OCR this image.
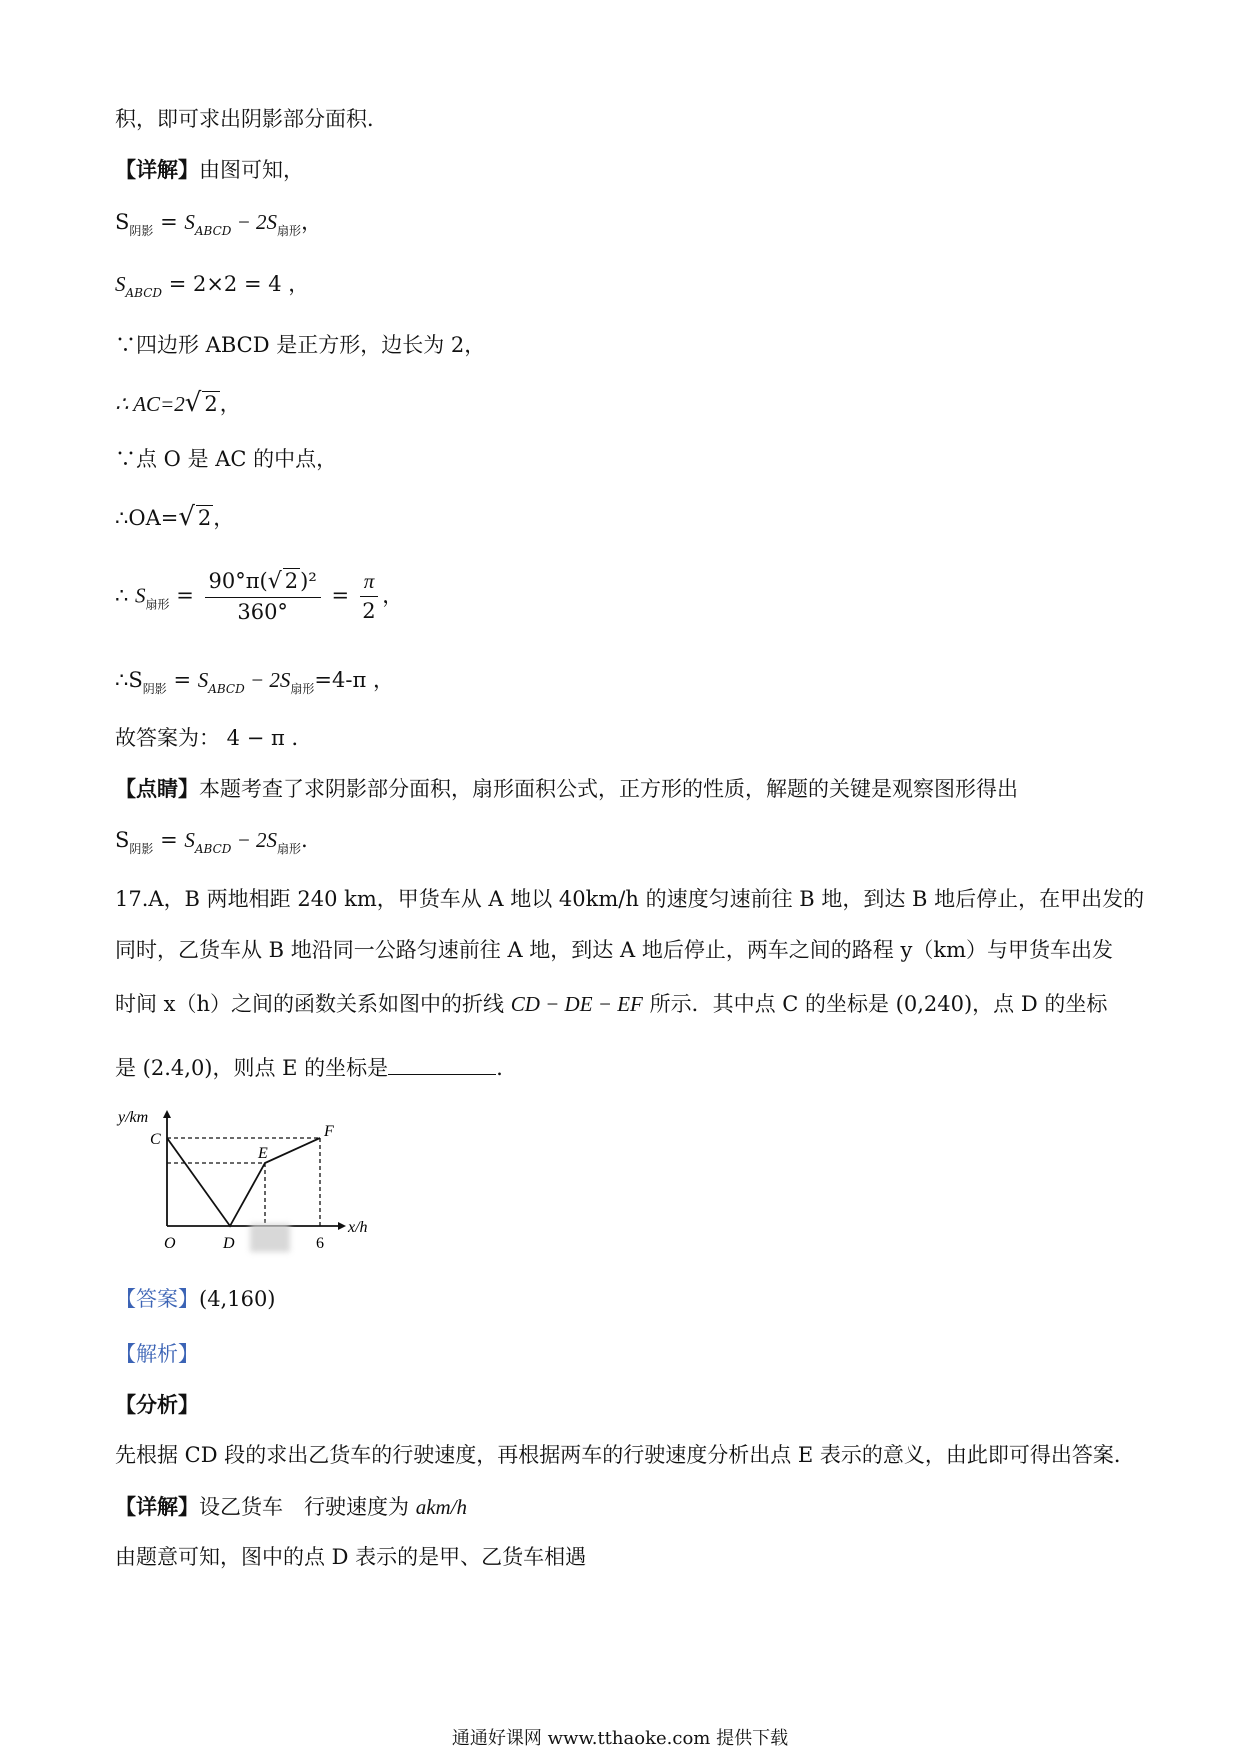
积，即可求出阴影部分面积．
【详解】由图可知，
$S_{阴影} = S_{ABCD} - 2S_{扇形}$，
$S_{ABCD} = 2\times 2 = 4$ ，
∵四边形 ABCD 是正方形，边长为 2，
∴ AC=2√ 2，
∵点 O 是 AC 的中点，
∴OA=√ 2，
∴ $S_{扇形} = \frac{\text{90°π(√ 2)²}}{360^\circ} = \frac{\pi}{2}$ ，
$\therefore S_{阴影} = S_{ABCD} - 2S_{扇形}=4-\pi$ ，
故答案为： 4 − π ．
【点睛】本题考查了求阴影部分面积，扇形面积公式，正方形的性质，解题的关键是观察图形得出
$S_{阴影} = S_{ABCD} - 2S_{扇形}$．
17.A，B 两地相距 240 km，甲货车从 A 地以 40km/h 的速度匀速前往 B 地，到达 B 地后停止，在甲出发的
同时，乙货车从 B 地沿同一公路匀速前往 A 地，到达 A 地后停止，两车之间的路程 y（km）与甲货车出发
时间 x（h）之间的函数关系如图中的折线 CD − DE − EF 所示．其中点 C 的坐标是 (0,240)，点 D 的坐标
是 (2.4,0)，则点 E 的坐标是	．
y/km
x/h
C
E
F
O	D	6
【答案】(4,160)
【解析】
【分析】
先根据 CD 段的求出乙货车的行驶速度，再根据两车的行驶速度分析出点 E 表示的意义，由此即可得出答案．
【详解】设乙货车　行驶速度为 akm/h
由题意可知，图中的点 D 表示的是甲、乙货车相遇
通通好课网 www.tthaoke.com 提供下载
